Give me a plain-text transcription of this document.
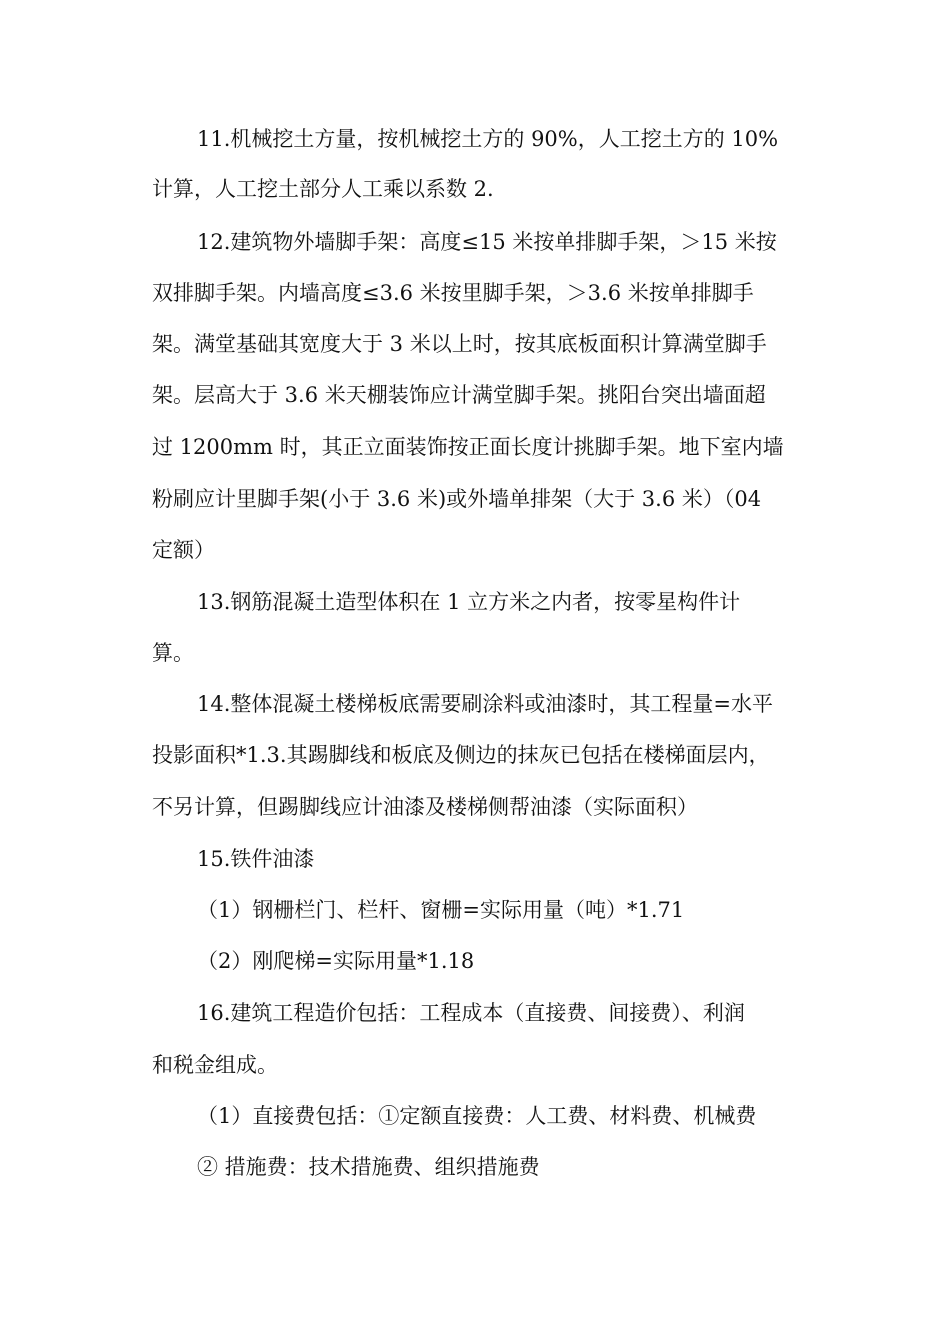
11.机械挖土方量，按机械挖土方的 90%，人工挖土方的 10%
计算，人工挖土部分人工乘以系数 2.
12.建筑物外墙脚手架：高度≤15 米按单排脚手架，＞15 米按
双排脚手架。内墙高度≤3.6 米按里脚手架，＞3.6 米按单排脚手
架。满堂基础其宽度大于 3 米以上时，按其底板面积计算满堂脚手
架。层高大于 3.6 米天棚装饰应计满堂脚手架。挑阳台突出墙面超
过 1200mm 时，其正立面装饰按正面长度计挑脚手架。地下室内墙
粉刷应计里脚手架(小于 3.6 米)或外墙单排架（大于 3.6 米）（04
定额）
13.钢筋混凝土造型体积在 1 立方米之内者，按零星构件计
算。
14.整体混凝土楼梯板底需要刷涂料或油漆时，其工程量=水平
投影面积*1.3.其踢脚线和板底及侧边的抹灰已包括在楼梯面层内，
不另计算，但踢脚线应计油漆及楼梯侧帮油漆（实际面积）
15.铁件油漆
（1）钢栅栏门、栏杆、窗栅=实际用量（吨）*1.71
（2）刚爬梯=实际用量*1.18
16.建筑工程造价包括：工程成本（直接费、间接费）、利润
和税金组成。
（1）直接费包括：①定额直接费：人工费、材料费、机械费
② 措施费：技术措施费、组织措施费
